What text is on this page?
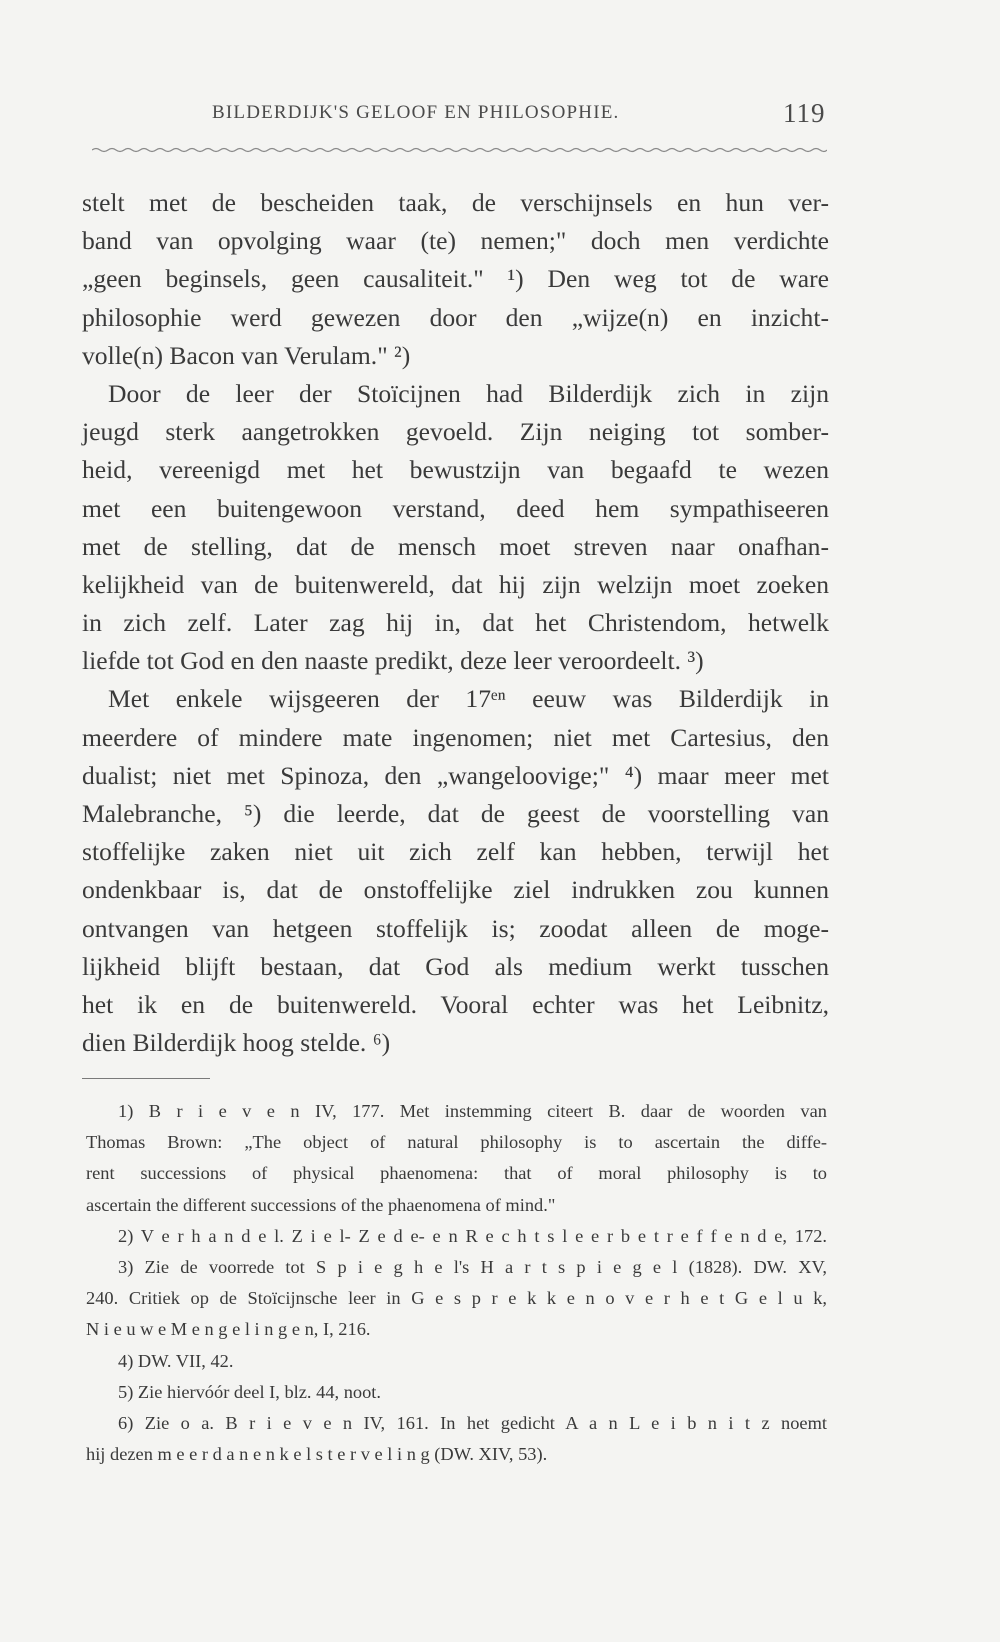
BILDERDIJK'S GELOOF EN PHILOSOPHIE.	119
stelt met de bescheiden taak, de verschijnsels en hun ver-
band van opvolging waar (te) nemen;" doch men verdichte
„geen beginsels, geen causaliteit." ¹) Den weg tot de ware
philosophie werd gewezen door den „wijze(n) en inzicht-
volle(n) Bacon van Verulam." ²)
Door de leer der Stoïcijnen had Bilderdijk zich in zijn
jeugd sterk aangetrokken gevoeld. Zijn neiging tot somber-
heid, vereenigd met het bewustzijn van begaafd te wezen
met een buitengewoon verstand, deed hem sympathiseeren
met de stelling, dat de mensch moet streven naar onafhan-
kelijkheid van de buitenwereld, dat hij zijn welzijn moet zoeken
in zich zelf. Later zag hij in, dat het Christendom, hetwelk
liefde tot God en den naaste predikt, deze leer veroordeelt. ³)
Met enkele wijsgeeren der 17ᵉⁿ eeuw was Bilderdijk in
meerdere of mindere mate ingenomen; niet met Cartesius, den
dualist; niet met Spinoza, den „wangeloovige;" ⁴) maar meer met
Malebranche, ⁵) die leerde, dat de geest de voorstelling van
stoffelijke zaken niet uit zich zelf kan hebben, terwijl het
ondenkbaar is, dat de onstoffelijke ziel indrukken zou kunnen
ontvangen van hetgeen stoffelijk is; zoodat alleen de moge-
lijkheid blijft bestaan, dat God als medium werkt tusschen
het ik en de buitenwereld. Vooral echter was het Leibnitz,
dien Bilderdijk hoog stelde. ⁶)
1) B r i e v e n IV, 177. Met instemming citeert B. daar de woorden van
Thomas Brown: „The object of natural philosophy is to ascertain the diffe-
rent successions of physical phaenomena: that of moral philosophy is to
ascertain the different successions of the phaenomena of mind."
2) V e r h a n d e l. Z i e l- Z e d e- e n R e c h t s l e e r b e t r e f f e n d e, 172.
3) Zie de voorrede tot S p i e g h e l's H a r t s p i e g e l (1828). DW. XV,
240. Critiek op de Stoïcijnsche leer in G e s p r e k k e n o v e r h e t G e l u k,
N i e u w e M e n g e l i n g e n, I, 216.
4) DW. VII, 42.
5) Zie hiervóór deel I, blz. 44, noot.
6) Zie o a. B r i e v e n IV, 161. In het gedicht A a n L e i b n i t z noemt
hij dezen m e e r d a n e n k e l s t e r v e l i n g (DW. XIV, 53).
